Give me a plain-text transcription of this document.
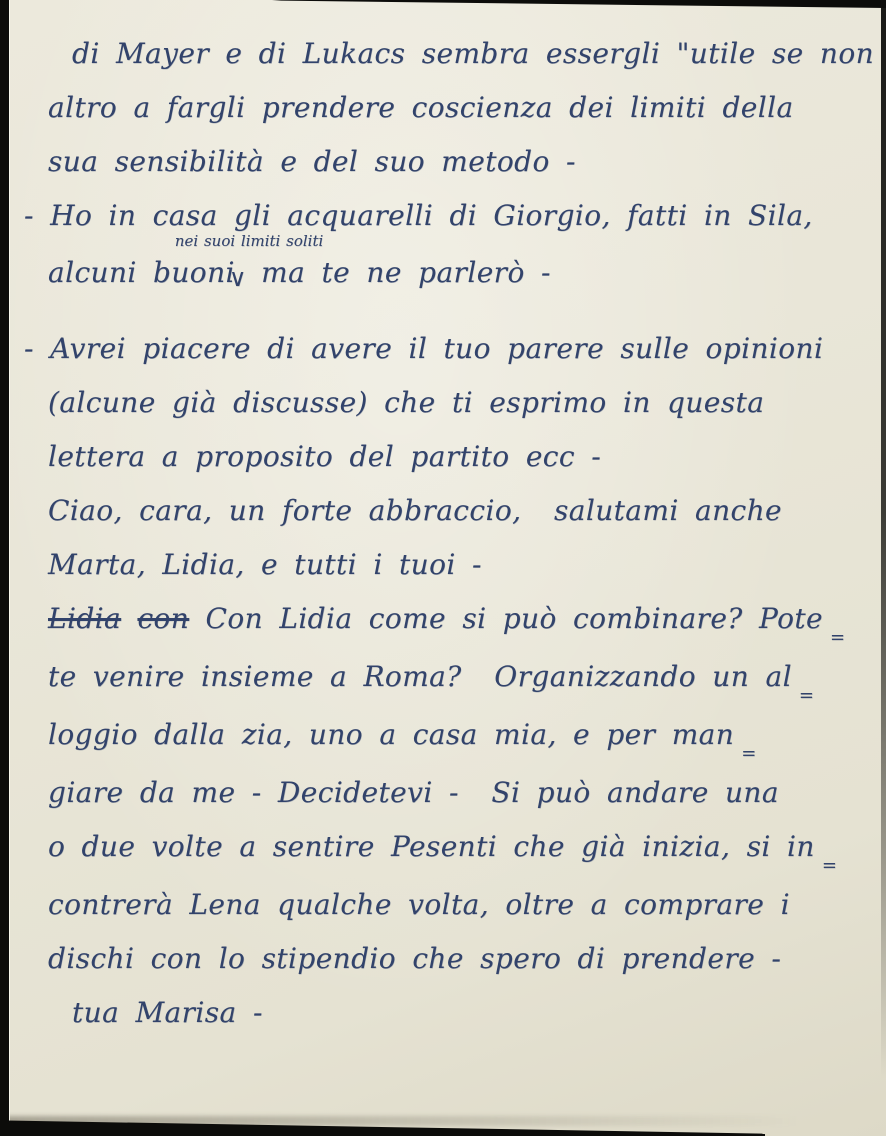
di Mayer e di Lukacs sembra essergli "utile se non
altro a fargli prendere coscienza dei limiti della
sua sensibilità e del suo metodo -
- Ho in casa gli acquarelli di Giorgio, fatti in Sila,
alcuni buoni
nei suoi limiti soliti
∨
ma te ne parlerò -
- Avrei piacere di avere il tuo parere sulle opinioni
(alcune già discusse) che ti esprimo in questa
lettera a proposito del partito ecc -
Ciao, cara, un forte abbraccio,  salutami anche
Marta, Lidia, e tutti i tuoi -
Lidia con Con Lidia come si può combinare? Pote=
te venire insieme a Roma?  Organizzando un al=
loggio dalla zia, uno a casa mia, e per man=
giare da me - Decidetevi -  Si può andare una
o due volte a sentire Pesenti che già inizia, si in=
contrerà Lena qualche volta, oltre a comprare i
dischi con lo stipendio che spero di prendere -
tua Marisa -
